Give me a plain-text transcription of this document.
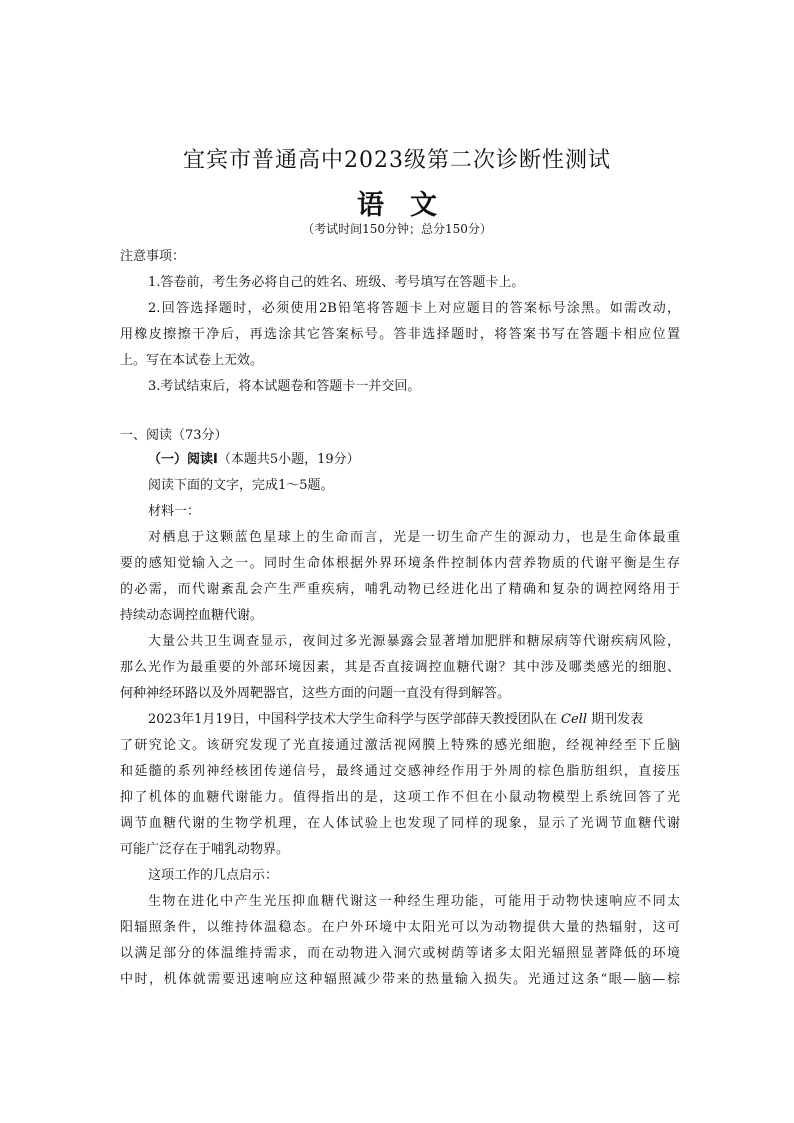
宜宾市普通高中2023级第二次诊断性测试
语文
（考试时间150分钟；总分150分）
注意事项：
1.答卷前，考生务必将自己的姓名、班级、考号填写在答题卡上。
2.回答选择题时，必须使用2B铅笔将答题卡上对应题目的答案标号涂黑。如需改动，
用橡皮擦擦干净后，再选涂其它答案标号。答非选择题时，将答案书写在答题卡相应位置
上。写在本试卷上无效。
3.考试结束后，将本试题卷和答题卡一并交回。
一、阅读（73分）
（一）阅读Ⅰ（本题共5小题，19分）
阅读下面的文字，完成1～5题。
材料一：
对栖息于这颗蓝色星球上的生命而言，光是一切生命产生的源动力，也是生命体最重
要的感知觉输入之一。同时生命体根据外界环境条件控制体内营养物质的代谢平衡是生存
的必需，而代谢紊乱会产生严重疾病，哺乳动物已经进化出了精确和复杂的调控网络用于
持续动态调控血糖代谢。
大量公共卫生调查显示，夜间过多光源暴露会显著增加肥胖和糖尿病等代谢疾病风险，
那么光作为最重要的外部环境因素，其是否直接调控血糖代谢？其中涉及哪类感光的细胞、
何种神经环路以及外周靶器官，这些方面的问题一直没有得到解答。
2023年1月19日，中国科学技术大学生命科学与医学部薛天教授团队在 Cell 期刊发表
了研究论文。该研究发现了光直接通过激活视网膜上特殊的感光细胞，经视神经至下丘脑
和延髓的系列神经核团传递信号，最终通过交感神经作用于外周的棕色脂肪组织，直接压
抑了机体的血糖代谢能力。值得指出的是，这项工作不但在小鼠动物模型上系统回答了光
调节血糖代谢的生物学机理，在人体试验上也发现了同样的现象，显示了光调节血糖代谢
可能广泛存在于哺乳动物界。
这项工作的几点启示：
生物在进化中产生光压抑血糖代谢这一种经生理功能，可能用于动物快速响应不同太
阳辐照条件，以维持体温稳态。在户外环境中太阳光可以为动物提供大量的热辐射，这可
以满足部分的体温维持需求，而在动物进入洞穴或树荫等诸多太阳光辐照显著降低的环境
中时，机体就需要迅速响应这种辐照减少带来的热量输入损失。光通过这条“眼—脑—棕
